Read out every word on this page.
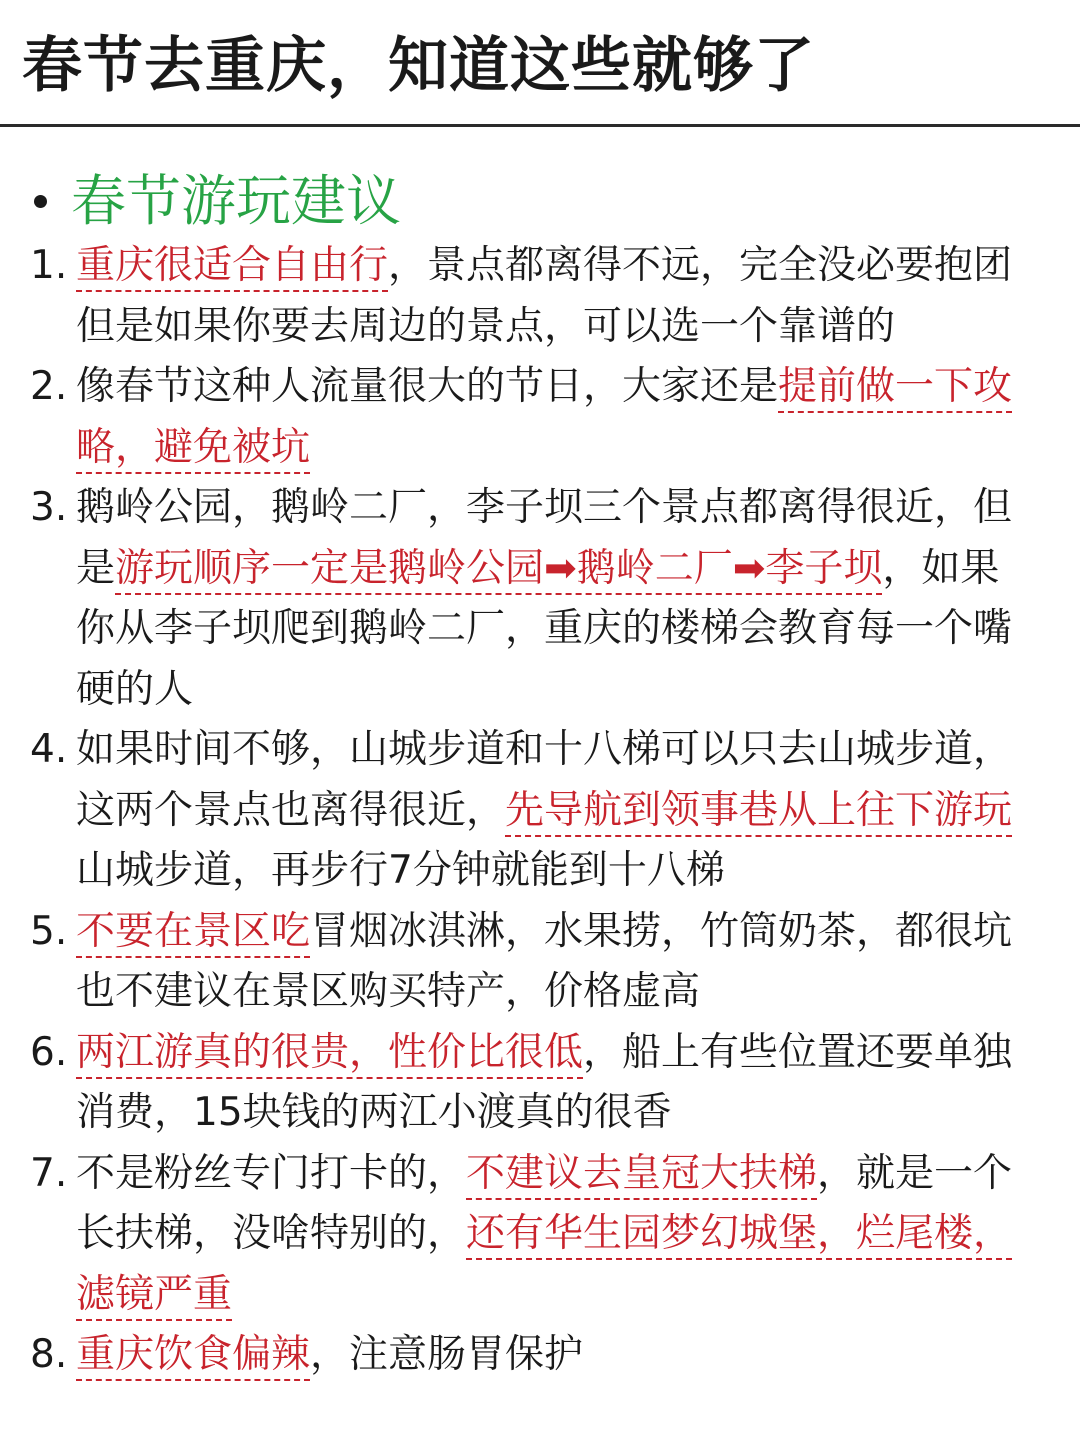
春节去重庆，知道这些就够了
春节游玩建议
1. 重庆很适合自由行，景点都离得不远，完全没必要抱团
但是如果你要去周边的景点，可以选一个靠谱的
2. 像春节这种人流量很大的节日，大家还是提前做一下攻
略，避免被坑
3. 鹅岭公园，鹅岭二厂，李子坝三个景点都离得很近，但
是游玩顺序一定是鹅岭公园➡鹅岭二厂➡李子坝，如果
你从李子坝爬到鹅岭二厂，重庆的楼梯会教育每一个嘴
硬的人
4. 如果时间不够，山城步道和十八梯可以只去山城步道，
这两个景点也离得很近，先导航到领事巷从上往下游玩
山城步道，再步行7分钟就能到十八梯
5. 不要在景区吃冒烟冰淇淋，水果捞，竹筒奶茶，都很坑
也不建议在景区购买特产，价格虚高
6. 两江游真的很贵，性价比很低，船上有些位置还要单独
消费，15块钱的两江小渡真的很香
7. 不是粉丝专门打卡的，不建议去皇冠大扶梯，就是一个
长扶梯，没啥特别的，还有华生园梦幻城堡，烂尾楼，
滤镜严重
8. 重庆饮食偏辣，注意肠胃保护
